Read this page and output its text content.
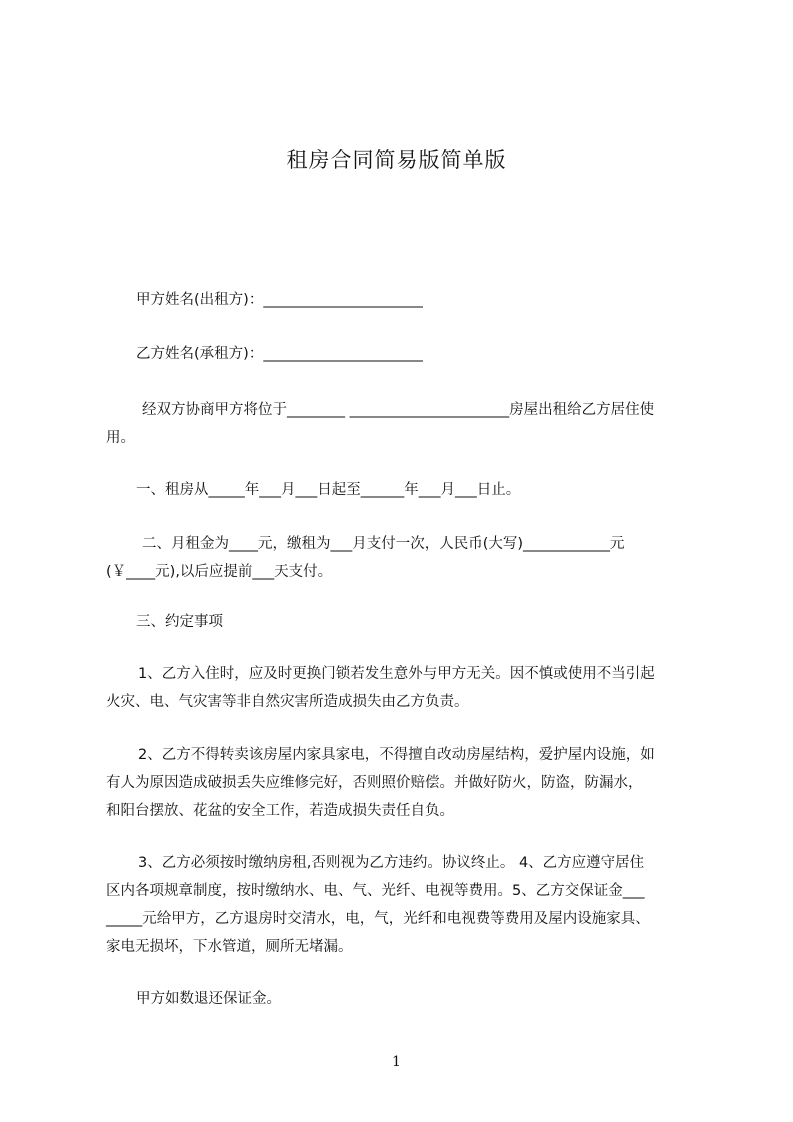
租房合同简易版简单版
甲方姓名(出租方)：______________________
乙方姓名(承租方)：______________________
经双方协商甲方将位于________ ______________________房屋出租给乙方居住使
用。
一、租房从_____年___月___日起至______年___月___日止。
二、月租金为____元，缴租为___月支付一次，人民币(大写)____________元
(￥____元),以后应提前___天支付。
三、约定事项
1、乙方入住时，应及时更换门锁若发生意外与甲方无关。因不慎或使用不当引起
火灾、电、气灾害等非自然灾害所造成损失由乙方负责。
2、乙方不得转卖该房屋内家具家电，不得擅自改动房屋结构，爱护屋内设施，如
有人为原因造成破损丢失应维修完好，否则照价赔偿。并做好防火，防盗，防漏水，
和阳台摆放、花盆的安全工作，若造成损失责任自负。
3、乙方必须按时缴纳房租,否则视为乙方违约。协议终止。 4、乙方应遵守居住
区内各项规章制度，按时缴纳水、电、气、光纤、电视等费用。5、乙方交保证金___
_____元给甲方，乙方退房时交清水，电，气，光纤和电视费等费用及屋内设施家具、
家电无损坏，下水管道，厕所无堵漏。
甲方如数退还保证金。
1
